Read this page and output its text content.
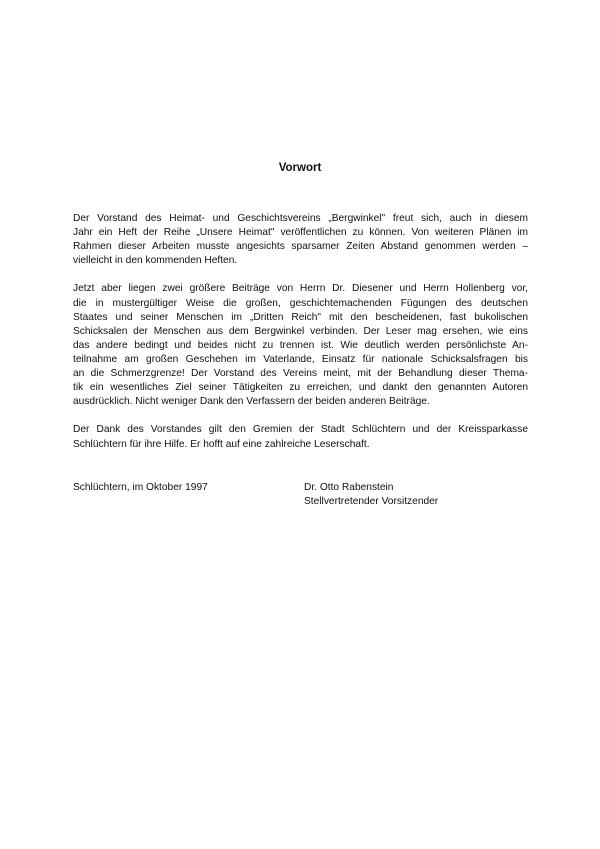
Vorwort

Der Vorstand des Heimat- und Geschichtsvereins „Bergwinkel" freut sich, auch in diesem
Jahr ein Heft der Reihe „Unsere Heimat" veröffentlichen zu können. Von weiteren Plänen im
Rahmen dieser Arbeiten musste angesichts sparsamer Zeiten Abstand genommen werden –
vielleicht in den kommenden Heften.

Jetzt aber liegen zwei größere Beiträge von Herrn Dr. Diesener und Herrn Hollenberg vor,
die in mustergültiger Weise die großen, geschichtemachenden Fügungen des deutschen
Staates und seiner Menschen im „Dritten Reich" mit den bescheidenen, fast bukolischen
Schicksalen der Menschen aus dem Bergwinkel verbinden. Der Leser mag ersehen, wie eins
das andere bedingt und beides nicht zu trennen ist. Wie deutlich werden persönlichste An-
teilnahme am großen Geschehen im Vaterlande, Einsatz für nationale Schicksalsfragen bis
an die Schmerzgrenze! Der Vorstand des Vereins meint, mit der Behandlung dieser Thema-
tik ein wesentliches Ziel seiner Tätigkeiten zu erreichen, und dankt den genannten Autoren
ausdrücklich. Nicht weniger Dank den Verfassern der beiden anderen Beiträge.

Der Dank des Vorstandes gilt den Gremien der Stadt Schlüchtern und der Kreissparkasse
Schlüchtern für ihre Hilfe. Er hofft auf eine zahlreiche Leserschaft.

Schlüchtern, im Oktober 1997	Dr. Otto Rabenstein

Stellvertretender Vorsitzender
